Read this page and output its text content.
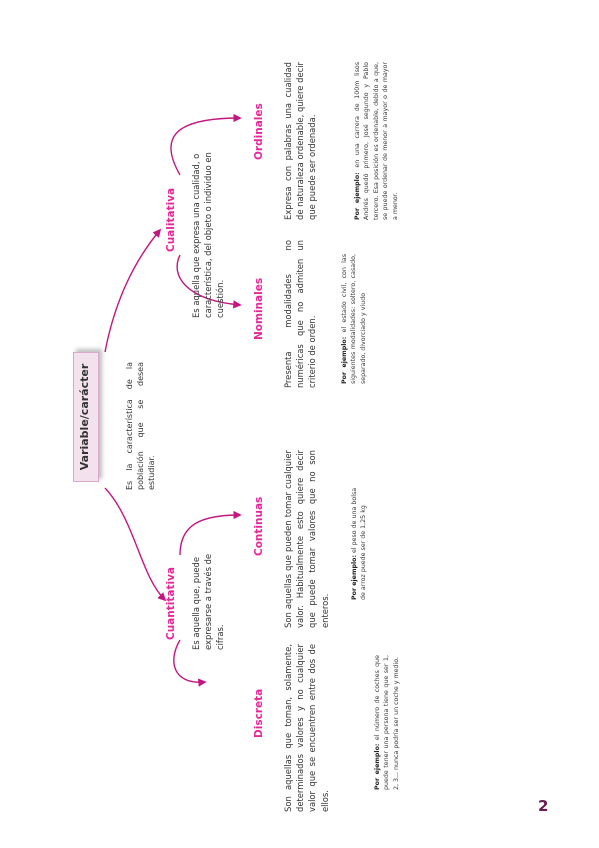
Variable/carácter	Es la característica de la población que se desea estudiar.

Cuantitativa Es aquella que, puede expresarse a través de cifras.

Discreta Son aquellas que toman, solamente, determinados valores y no cualquier valor que se encuentren entre dos de ellos.

Por ejemplo: el número de coches que puede tener una persona tiene que ser 1, 2, 3... nunca podría ser un coche y medio.

Continuas Son aquellas que pueden tomar cualquier valor. Habitualmente esto quiere decir que puede tomar valores que no son enteros.

Por ejemplo: el peso de una bolsa de arroz puede ser de 1,25 kg

Cualitativa Es aquella que expresa una cualidad, o característica, del objeto o individuo en cuestión.	Nominales Presenta modalidades no numéricas que no admiten un criterio de orden.	Por ejemplo: el estado civil, con las siguientes modalidades: soltero, casado, separado, divorciado y viudo

Ordinales Expresa con palabras una cualidad de naturaleza ordenable, quiere decir que puede ser ordenada.	Por ejemplo: en una carrera de 100m lisos Andrés quedó primero, José segundo y Pablo tercero. Esa posición es ordenable, debido a que, se puede ordenar de menor a mayor o de mayor a menor.

2
